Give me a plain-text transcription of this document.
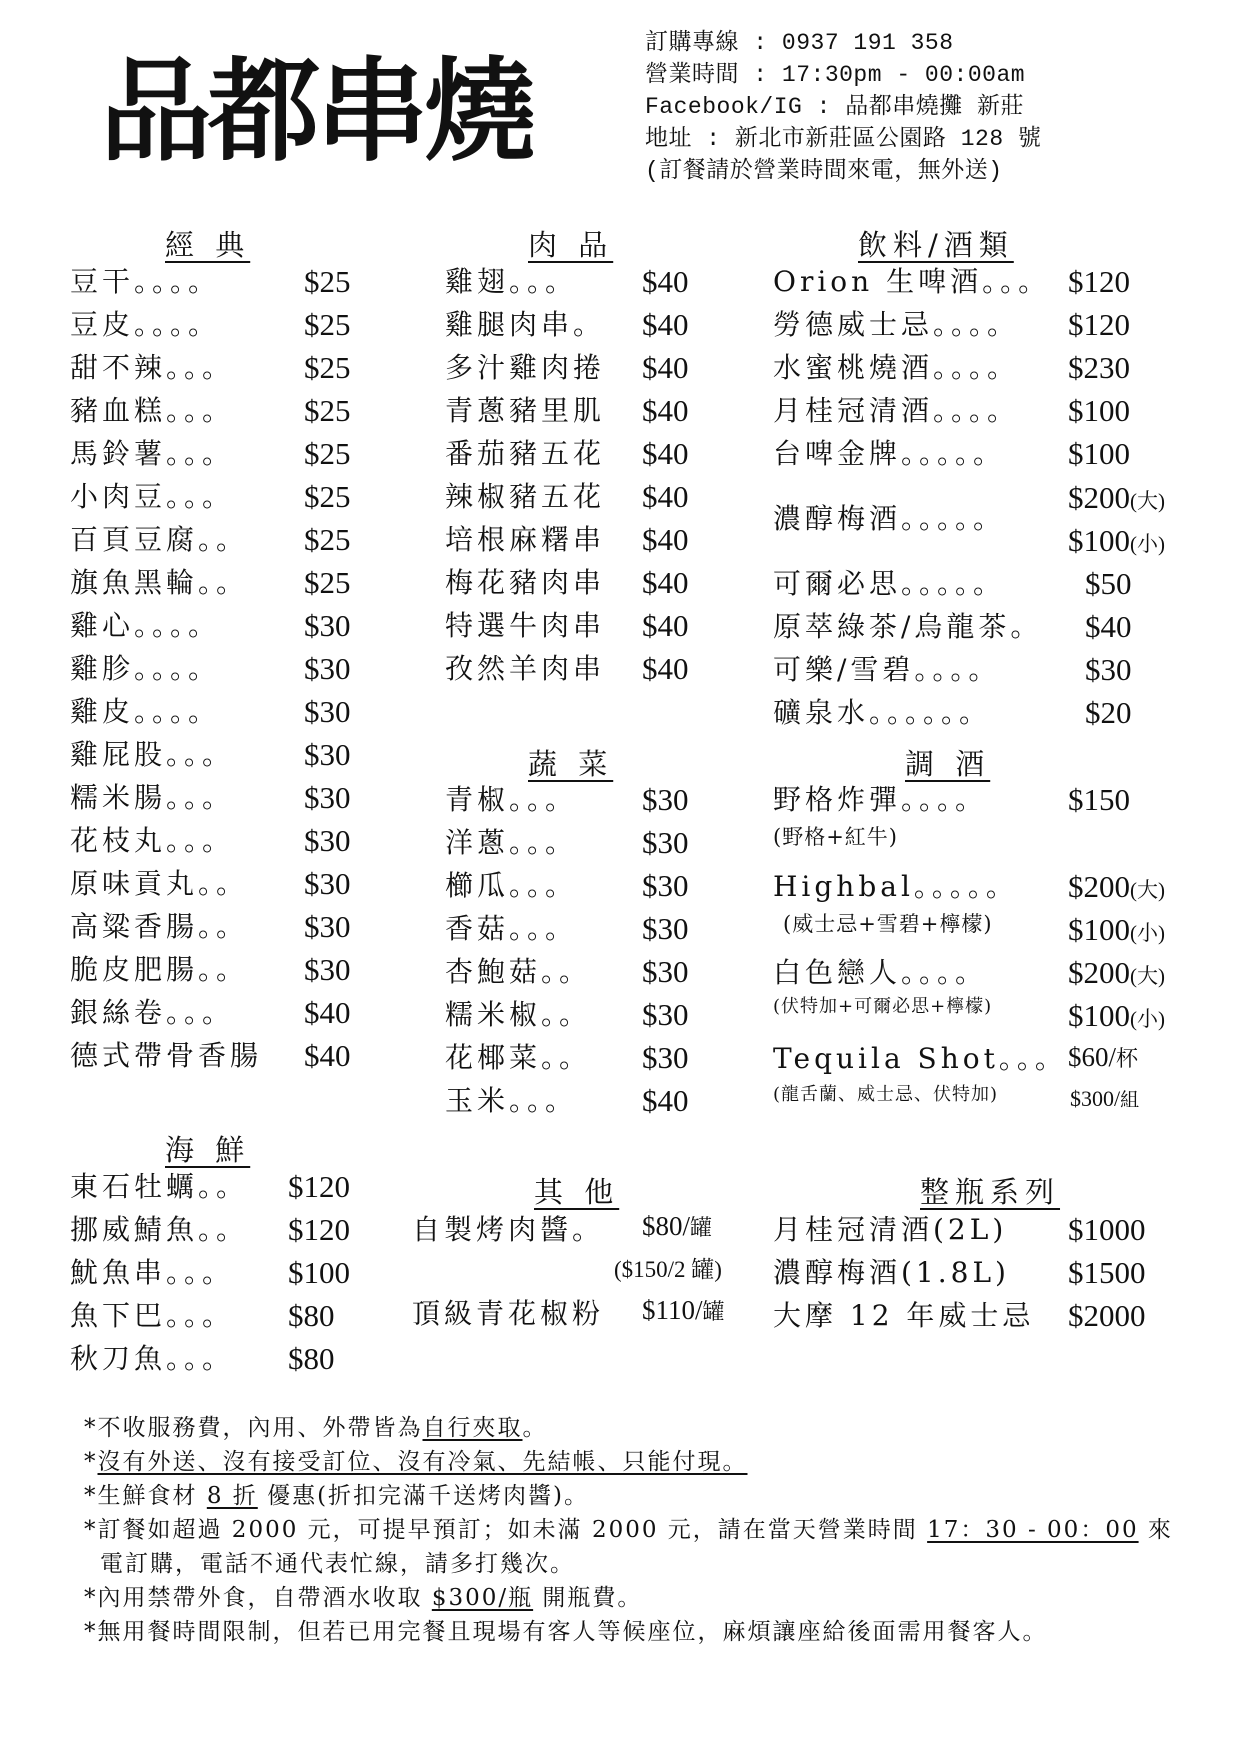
品都串燒
訂購專線 : 0937 191 358
營業時間 : 17:30pm - 00:00am
Facebook/IG : 品都串燒攤 新莊
地址 : 新北市新莊區公園路 128 號
(訂餐請於營業時間來電，無外送)
經 典	肉 品	飲料/酒類
蔬 菜	調 酒
海 鮮
其 他	整瓶系列
豆干。。。。	$25
豆皮。。。。	$25
甜不辣。。。 $25
豬血糕。。。 $25
馬鈴薯。。。 $25
小肉豆。。。 $25
百頁豆腐。。 $25
旗魚黑輪。。 $25
雞心。。。。	$30
雞胗。。。。	$30
雞皮。。。。	$30
雞屁股。。。 $30
糯米腸。。。 $30
花枝丸。。。 $30
原味貢丸。。 $30
高粱香腸。。 $30
脆皮肥腸。。 $30
銀絲卷。。。 $40
德式帶骨香腸 $40
雞翅。。。 $40
雞腿肉串。 $40
多汁雞肉捲 $40
青蔥豬里肌 $40
番茄豬五花 $40
辣椒豬五花 $40
培根麻糬串 $40
梅花豬肉串 $40
特選牛肉串 $40
孜然羊肉串 $40
青椒。。。 $30
洋蔥。。。 $30
櫛瓜。。。 $30
香菇。。。 $30
杏鮑菇。。 $30
糯米椒。。 $30
花椰菜。。 $30
玉米。。。 $40
Orion 生啤酒。。。 $120
勞德威士忌。。。。 $120
水蜜桃燒酒。。。。 $230
月桂冠清酒。。。。 $100
台啤金牌。。。。。 $100
可爾必思。。。。。	$50
原萃綠茶/烏龍茶。 $40
可樂/雪碧。。。。	$30
礦泉水。。。。。。	$20
東石牡蠣。。 $120
挪威鯖魚。。 $120
魷魚串。。。 $100
魚下巴。。。 $80
秋刀魚。。。 $80
月桂冠清酒(2L) $1000
濃醇梅酒(1.8L) $1500
大摩 12 年威士忌 $2000
濃醇梅酒。。。。。
$200(大)
$100(小)
野格炸彈。。。。	$150
(野格+紅牛)
Highbal。。。。。
(威士忌+雪碧+檸檬)
$200(大)
$100(小)
白色戀人。。。。
(伏特加+可爾必思+檸檬)
$200(大)
$100(小)
Tequila Shot。。。
(龍舌蘭、威士忌、伏特加)
$60/杯
$300/組
自製烤肉醬。 $80/罐
($150/2 罐)
頂級青花椒粉 $110/罐
*不收服務費，內用、外帶皆為自行夾取。
*沒有外送、沒有接受訂位、沒有冷氣、先結帳、只能付現。
*生鮮食材 8 折 優惠(折扣完滿千送烤肉醬)。
*訂餐如超過 2000 元，可提早預訂；如未滿 2000 元，請在當天營業時間 17：30 - 00：00 來
電訂購，電話不通代表忙線，請多打幾次。
*內用禁帶外食，自帶酒水收取 $300/瓶 開瓶費。
*無用餐時間限制，但若已用完餐且現場有客人等候座位，麻煩讓座給後面需用餐客人。
